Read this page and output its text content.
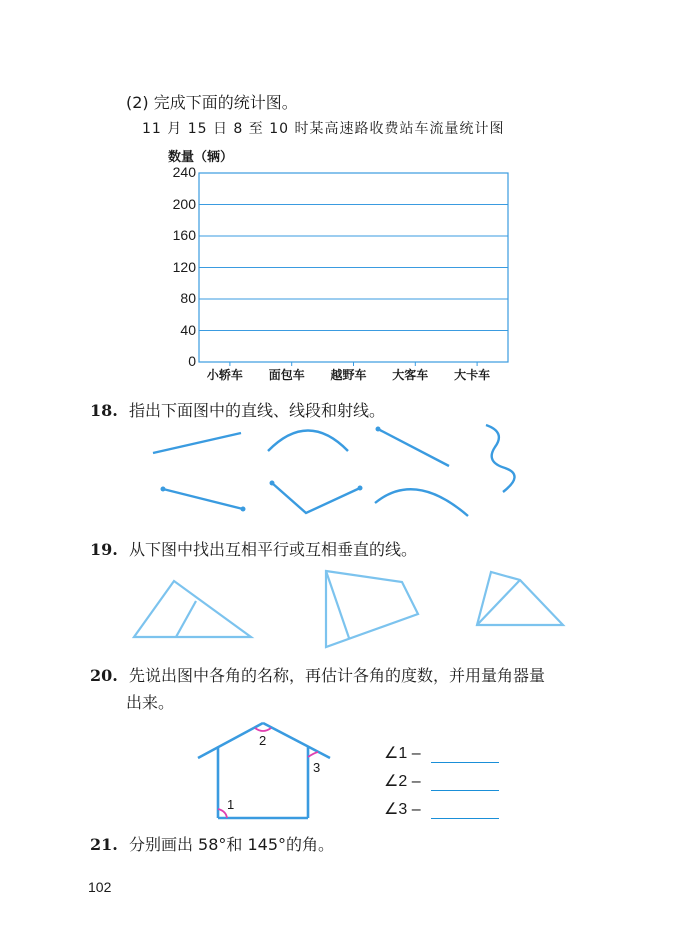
(2) 完成下面的统计图。
11 月 15 日 8 至 10 时某高速路收费站车流量统计图
数量（辆）
240
200
160
120
80
40
0
小轿车 面包车 越野车 大客车 大卡车
18. 指出下面图中的直线、线段和射线。
19. 从下图中找出互相平行或互相垂直的线。
20. 先说出图中各角的名称，再估计各角的度数，并用量角器量
出来。
2
3
1
∠1 –
∠2 –
∠3 –
21. 分别画出 58°和 145°的角。
102
